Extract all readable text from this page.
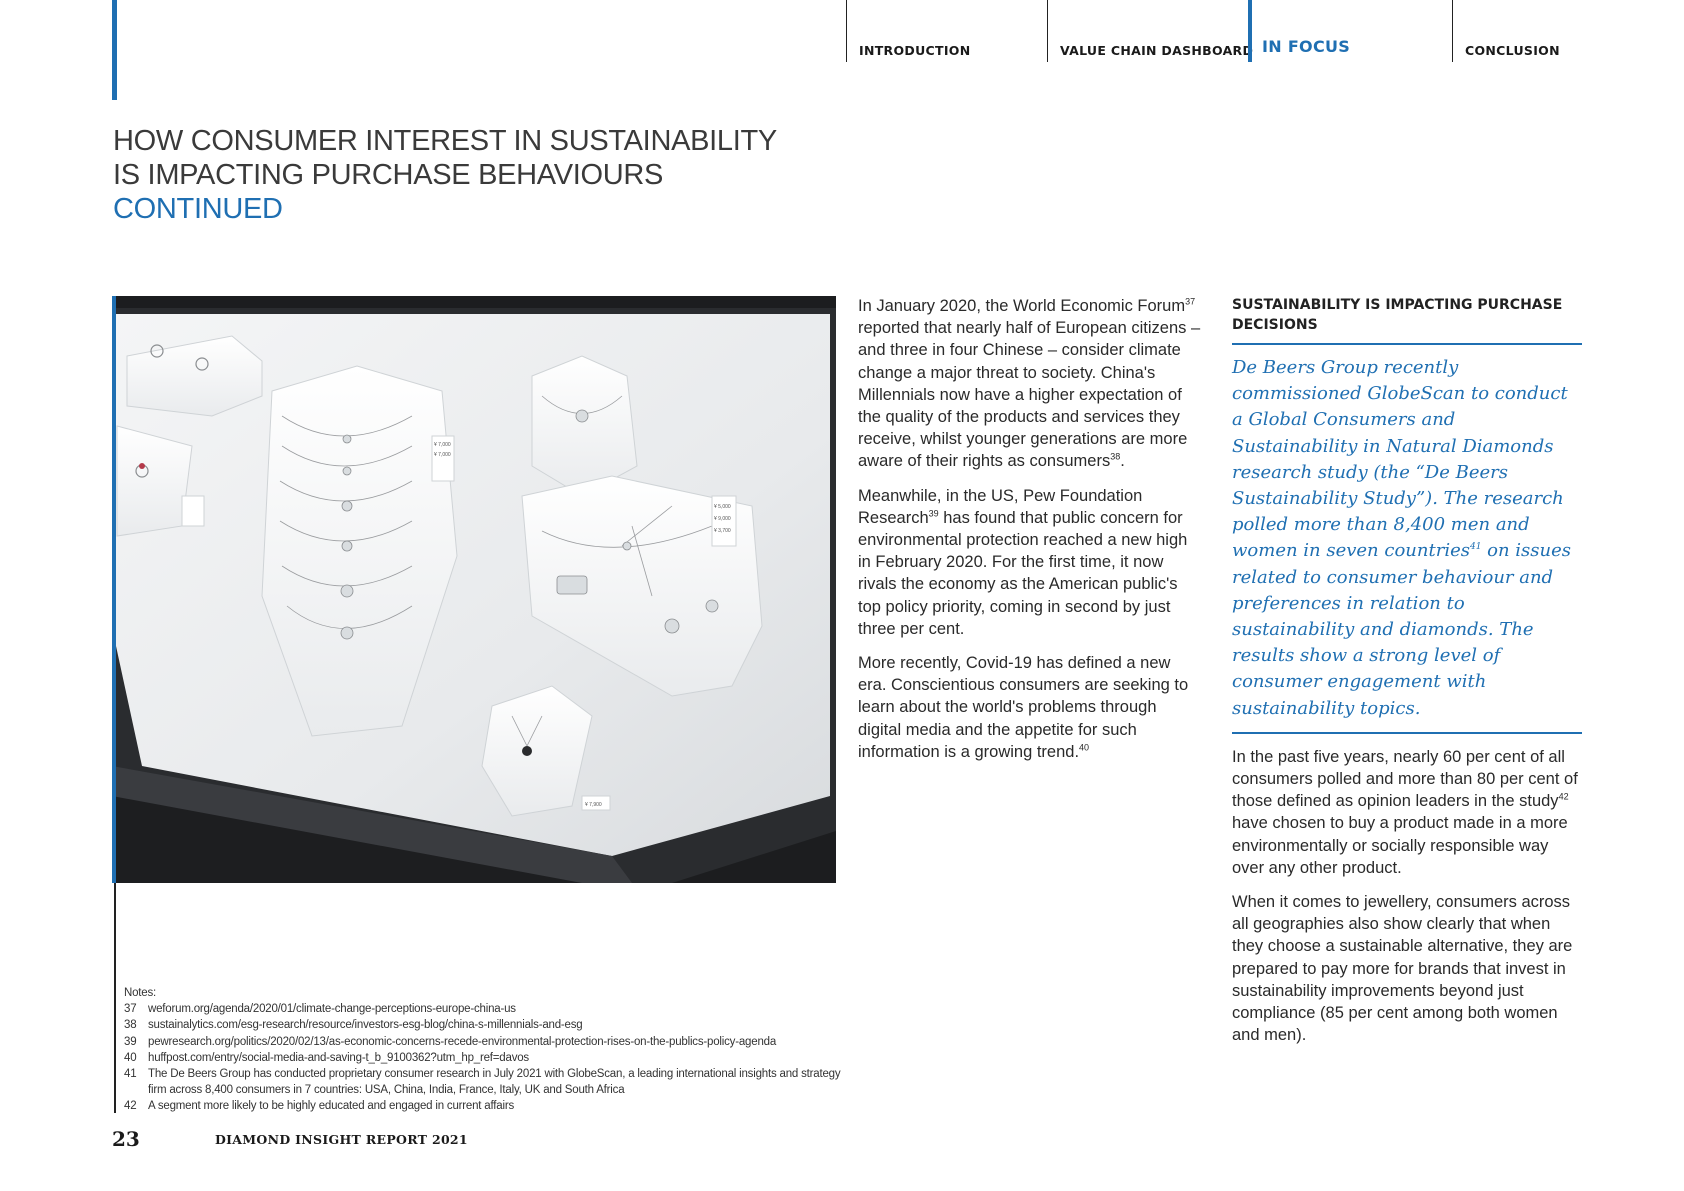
INTRODUCTION	VALUE CHAIN DASHBOARD IN FOCUS	CONCLUSION
HOW CONSUMER INTEREST IN SUSTAINABILITY
IS IMPACTING PURCHASE BEHAVIOURS
CONTINUED
¥ 7,000
¥ 7,000
¥ 5,000
¥ 9,000
¥ 3,700
¥ 7,900

In January 2020, the World Economic Forum$^{37}$ reported that nearly half of European citizens – and three in four Chinese – consider climate change a major threat to society. China's Millennials now have a higher expectation of the quality of the products and services they receive, whilst younger generations are more aware of their rights as consumers$^{38}$.

Meanwhile, in the US, Pew Foundation Research$^{39}$ has found that public concern for environmental protection reached a new high in February 2020. For the first time, it now rivals the economy as the American public's top policy priority, coming in second by just three per cent.

More recently, Covid-19 has defined a new era. Conscientious consumers are seeking to learn about the world's problems through digital media and the appetite for such information is a growing trend.$^{40}$

SUSTAINABILITY IS IMPACTING PURCHASE DECISIONS

De Beers Group recently commissioned GlobeScan to conduct a Global Consumers and Sustainability in Natural Diamonds research study (the “De Beers Sustainability Study”). The research polled more than 8,400 men and women in seven countries$^{41}$ on issues related to consumer behaviour and preferences in relation to sustainability and diamonds. The results show a strong level of consumer engagement with sustainability topics.

In the past five years, nearly 60 per cent of all consumers polled and more than 80 per cent of those defined as opinion leaders in the study$^{42}$ have chosen to buy a product made in a more environmentally or socially responsible way over any other product.

When it comes to jewellery, consumers across all geographies also show clearly that when they choose a sustainable alternative, they are prepared to pay more for brands that invest in sustainability improvements beyond just compliance (85 per cent among both women and men).

Notes:
37	weforum.org/agenda/2020/01/climate-change-perceptions-europe-china-us
38	sustainalytics.com/esg-research/resource/investors-esg-blog/china-s-millennials-and-esg
39	pewresearch.org/politics/2020/02/13/as-economic-concerns-recede-environmental-protection-rises-on-the-publics-policy-agenda
40	huffpost.com/entry/social-media-and-saving-t_b_9100362?utm_hp_ref=davos
41	The De Beers Group has conducted proprietary consumer research in July 2021 with GlobeScan, a leading international insights and strategy firm across 8,400 consumers in 7 countries: USA, China, India, France, Italy, UK and South Africa
42	A segment more likely to be highly educated and engaged in current affairs
23	DIAMOND INSIGHT REPORT 2021
